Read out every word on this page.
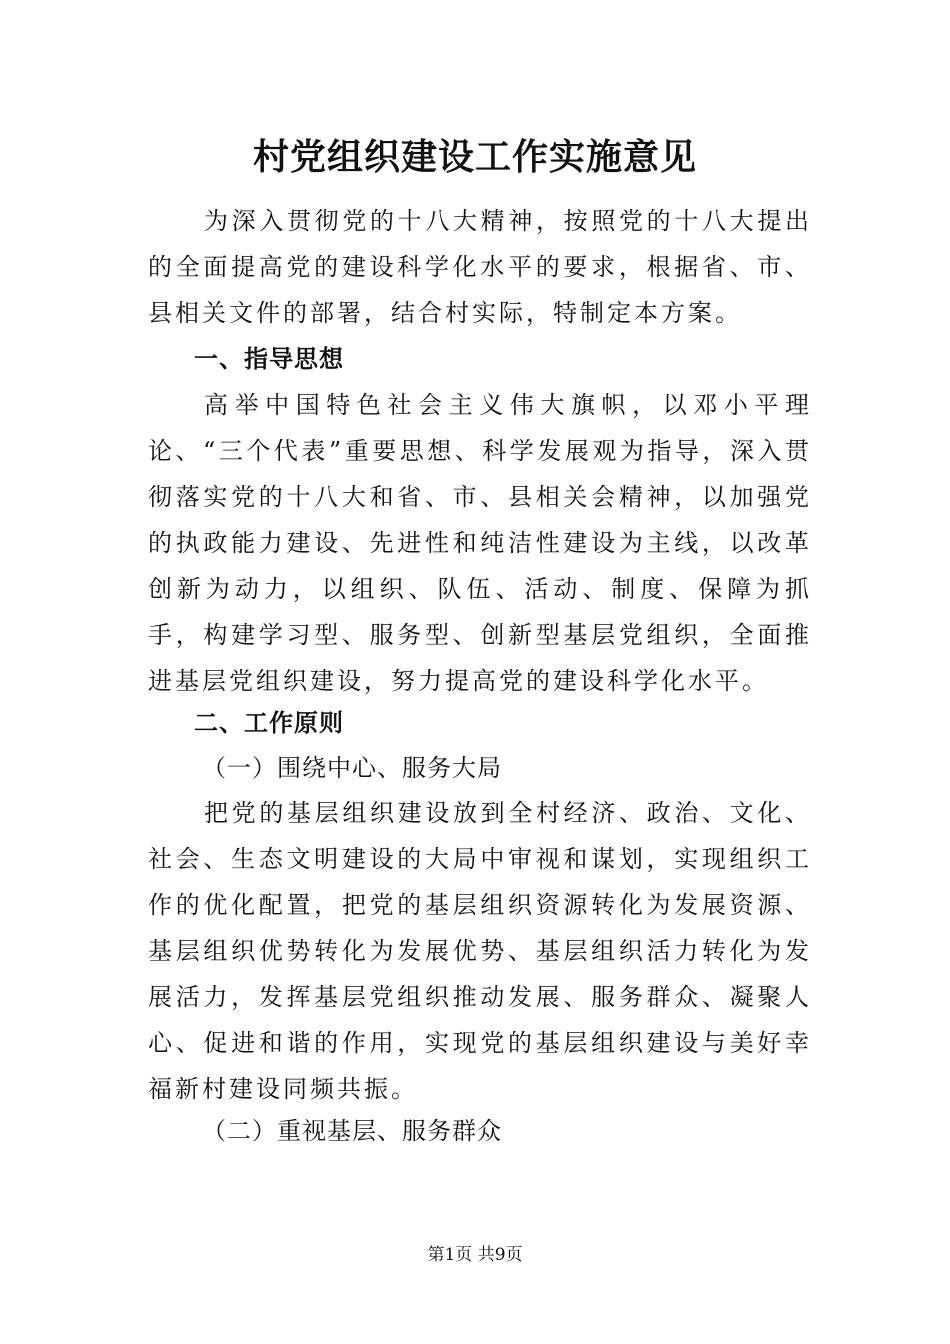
村党组织建设工作实施意见

为深入贯彻党的十八大精神，按照党的十八大提出的全面提高党的建设科学化水平的要求，根据省、市、县相关文件的部署，结合村实际，特制定本方案。

一、指导思想

高举中国特色社会主义伟大旗帜，以邓小平理论、“三个代表”重要思想、科学发展观为指导，深入贯彻落实党的十八大和省、市、县相关会精神，以加强党的执政能力建设、先进性和纯洁性建设为主线，以改革创新为动力，以组织、队伍、活动、制度、保障为抓手，构建学习型、服务型、创新型基层党组织，全面推进基层党组织建设，努力提高党的建设科学化水平。

二、工作原则

（一）围绕中心、服务大局

把党的基层组织建设放到全村经济、政治、文化、社会、生态文明建设的大局中审视和谋划，实现组织工作的优化配置，把党的基层组织资源转化为发展资源、基层组织优势转化为发展优势、基层组织活力转化为发展活力，发挥基层党组织推动发展、服务群众、凝聚人心、促进和谐的作用，实现党的基层组织建设与美好幸福新村建设同频共振。

（二）重视基层、服务群众

第1页 共9页
